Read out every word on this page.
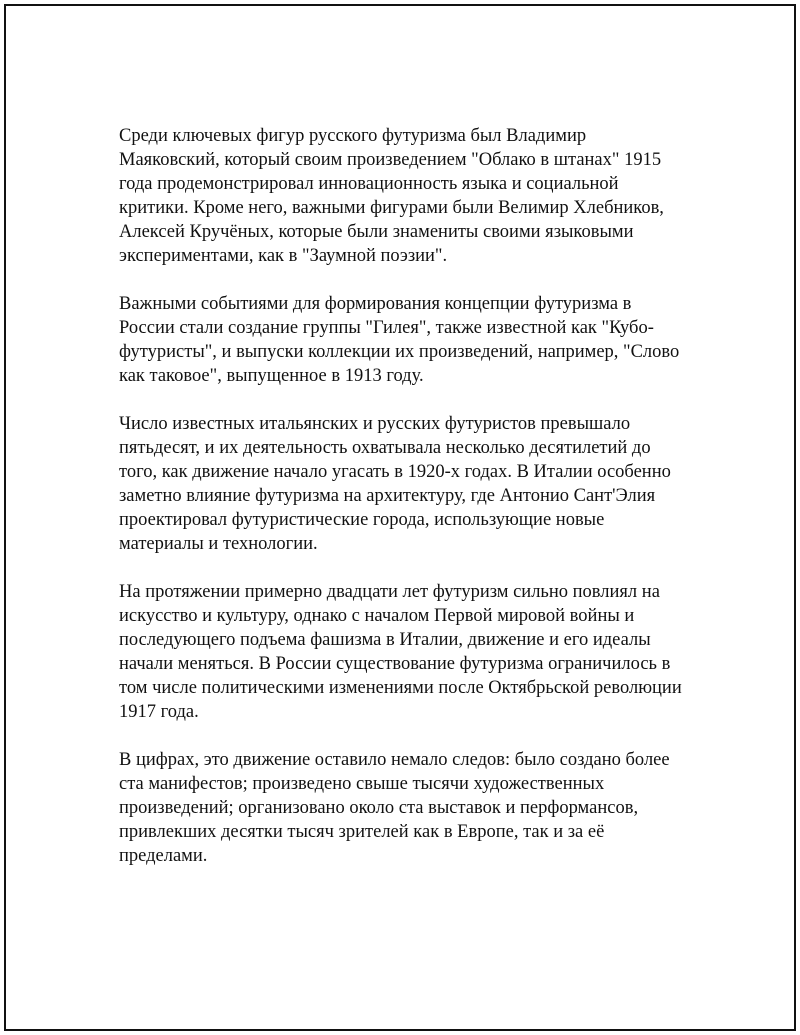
Среди ключевых фигур русского футуризма был Владимир
Маяковский, который своим произведением "Облако в штанах" 1915
года продемонстрировал инновационность языка и социальной
критики. Кроме него, важными фигурами были Велимир Хлебников,
Алексей Кручёных, которые были знамениты своими языковыми
экспериментами, как в "Заумной поэзии".

Важными событиями для формирования концепции футуризма в
России стали создание группы "Гилея", также известной как "Кубо-
футуристы", и выпуски коллекции их произведений, например, "Слово
как таковое", выпущенное в 1913 году.

Число известных итальянских и русских футуристов превышало
пятьдесят, и их деятельность охватывала несколько десятилетий до
того, как движение начало угасать в 1920-х годах. В Италии особенно
заметно влияние футуризма на архитектуру, где Антонио Сант'Элия
проектировал футуристические города, использующие новые
материалы и технологии.

На протяжении примерно двадцати лет футуризм сильно повлиял на
искусство и культуру, однако с началом Первой мировой войны и
последующего подъема фашизма в Италии, движение и его идеалы
начали меняться. В России существование футуризма ограничилось в
том числе политическими изменениями после Октябрьской революции
1917 года.

В цифрах, это движение оставило немало следов: было создано более
ста манифестов; произведено свыше тысячи художественных
произведений; организовано около ста выставок и перформансов,
привлекших десятки тысяч зрителей как в Европе, так и за её
пределами.
